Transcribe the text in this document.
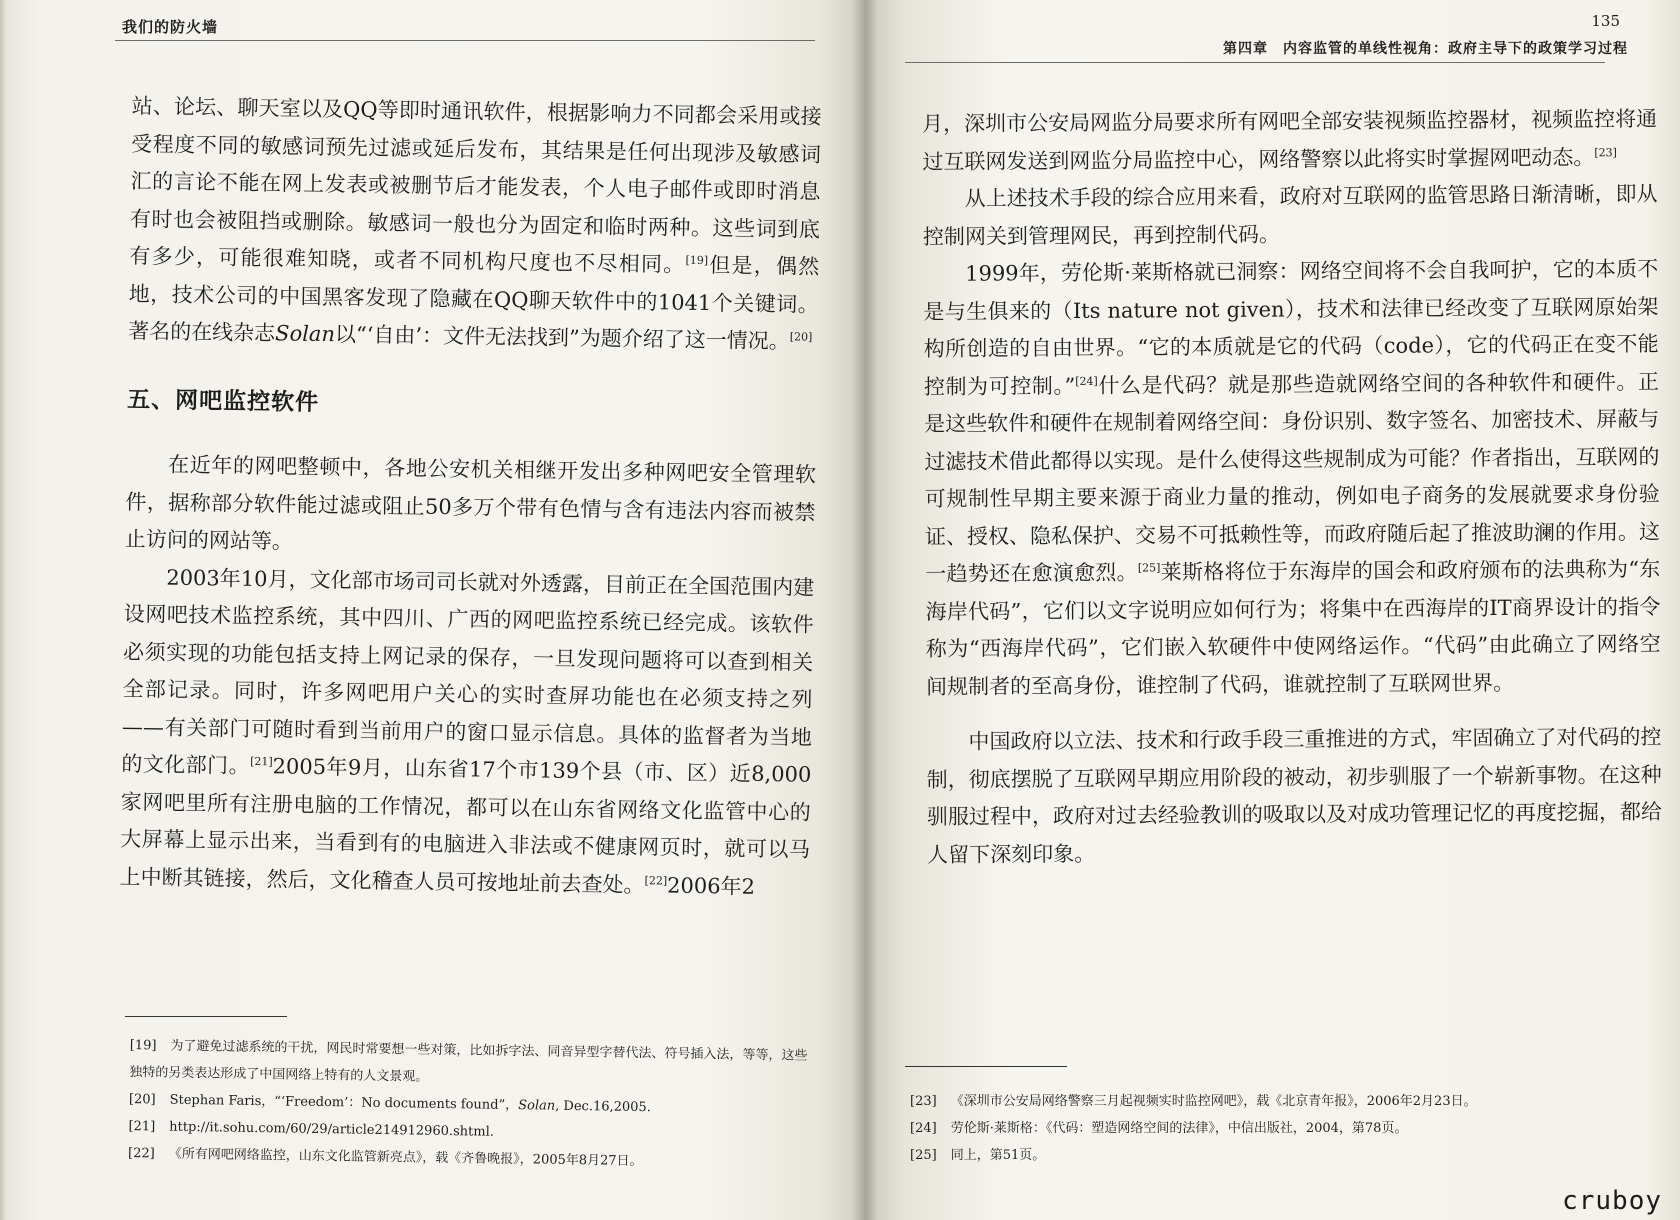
我们的防火墙

站、论坛、聊天室以及QQ等即时通讯软件，根据影响力不同都会采用或接受程度不同的敏感词预先过滤或延后发布，其结果是任何出现涉及敏感词汇的言论不能在网上发表或被删节后才能发表，个人电子邮件或即时消息有时也会被阻挡或删除。敏感词一般也分为固定和临时两种。这些词到底有多少，可能很难知晓，或者不同机构尺度也不尽相同。[19]但是，偶然地，技术公司的中国黑客发现了隐藏在QQ聊天软件中的1041个关键词。著名的在线杂志Solan以“‘自由’：文件无法找到”为题介绍了这一情况。[20]

五、网吧监控软件

在近年的网吧整顿中，各地公安机关相继开发出多种网吧安全管理软件，据称部分软件能过滤或阻止50多万个带有色情与含有违法内容而被禁止访问的网站等。

2003年10月，文化部市场司司长就对外透露，目前正在全国范围内建设网吧技术监控系统，其中四川、广西的网吧监控系统已经完成。该软件必须实现的功能包括支持上网记录的保存，一旦发现问题将可以查到相关全部记录。同时，许多网吧用户关心的实时查屏功能也在必须支持之列——有关部门可随时看到当前用户的窗口显示信息。具体的监督者为当地的文化部门。[21]2005年9月，山东省17个市139个县（市、区）近8,000家网吧里所有注册电脑的工作情况，都可以在山东省网络文化监管中心的大屏幕上显示出来，当看到有的电脑进入非法或不健康网页时，就可以马上中断其链接，然后，文化稽查人员可按地址前去查处。[22]2006年2

[19] 为了避免过滤系统的干扰，网民时常要想一些对策，比如拆字法、同音异型字替代法、符号插入法，等等，这些独特的另类表达形成了中国网络上特有的人文景观。

[20] Stephan Faris，“‘Freedom’：No documents found”，Solan, Dec.16,2005.

[21] http://it.sohu.com/60/29/article214912960.shtml.

[22] 《所有网吧网络监控，山东文化监管新亮点》，载《齐鲁晚报》，2005年8月27日。

135
第四章　内容监管的单线性视角：政府主导下的政策学习过程

月，深圳市公安局网监分局要求所有网吧全部安装视频监控器材，视频监控将通过互联网发送到网监分局监控中心，网络警察以此将实时掌握网吧动态。[23]

从上述技术手段的综合应用来看，政府对互联网的监管思路日渐清晰，即从控制网关到管理网民，再到控制代码。

1999年，劳伦斯·莱斯格就已洞察：网络空间将不会自我呵护，它的本质不是与生俱来的（Its nature not given），技术和法律已经改变了互联网原始架构所创造的自由世界。“它的本质就是它的代码（code），它的代码正在变不能控制为可控制。”[24]什么是代码？就是那些造就网络空间的各种软件和硬件。正是这些软件和硬件在规制着网络空间：身份识别、数字签名、加密技术、屏蔽与过滤技术借此都得以实现。是什么使得这些规制成为可能？作者指出，互联网的可规制性早期主要来源于商业力量的推动，例如电子商务的发展就要求身份验证、授权、隐私保护、交易不可抵赖性等，而政府随后起了推波助澜的作用。这一趋势还在愈演愈烈。[25]莱斯格将位于东海岸的国会和政府颁布的法典称为“东海岸代码”，它们以文字说明应如何行为；将集中在西海岸的IT商界设计的指令称为“西海岸代码”，它们嵌入软硬件中使网络运作。“代码”由此确立了网络空间规制者的至高身份，谁控制了代码，谁就控制了互联网世界。

中国政府以立法、技术和行政手段三重推进的方式，牢固确立了对代码的控制，彻底摆脱了互联网早期应用阶段的被动，初步驯服了一个崭新事物。在这种驯服过程中，政府对过去经验教训的吸取以及对成功管理记忆的再度挖掘，都给人留下深刻印象。

[23] 《深圳市公安局网络警察三月起视频实时监控网吧》，载《北京青年报》，2006年2月23日。

[24] 劳伦斯·莱斯格：《代码：塑造网络空间的法律》，中信出版社，2004，第78页。

[25] 同上，第51页。

cruboy
